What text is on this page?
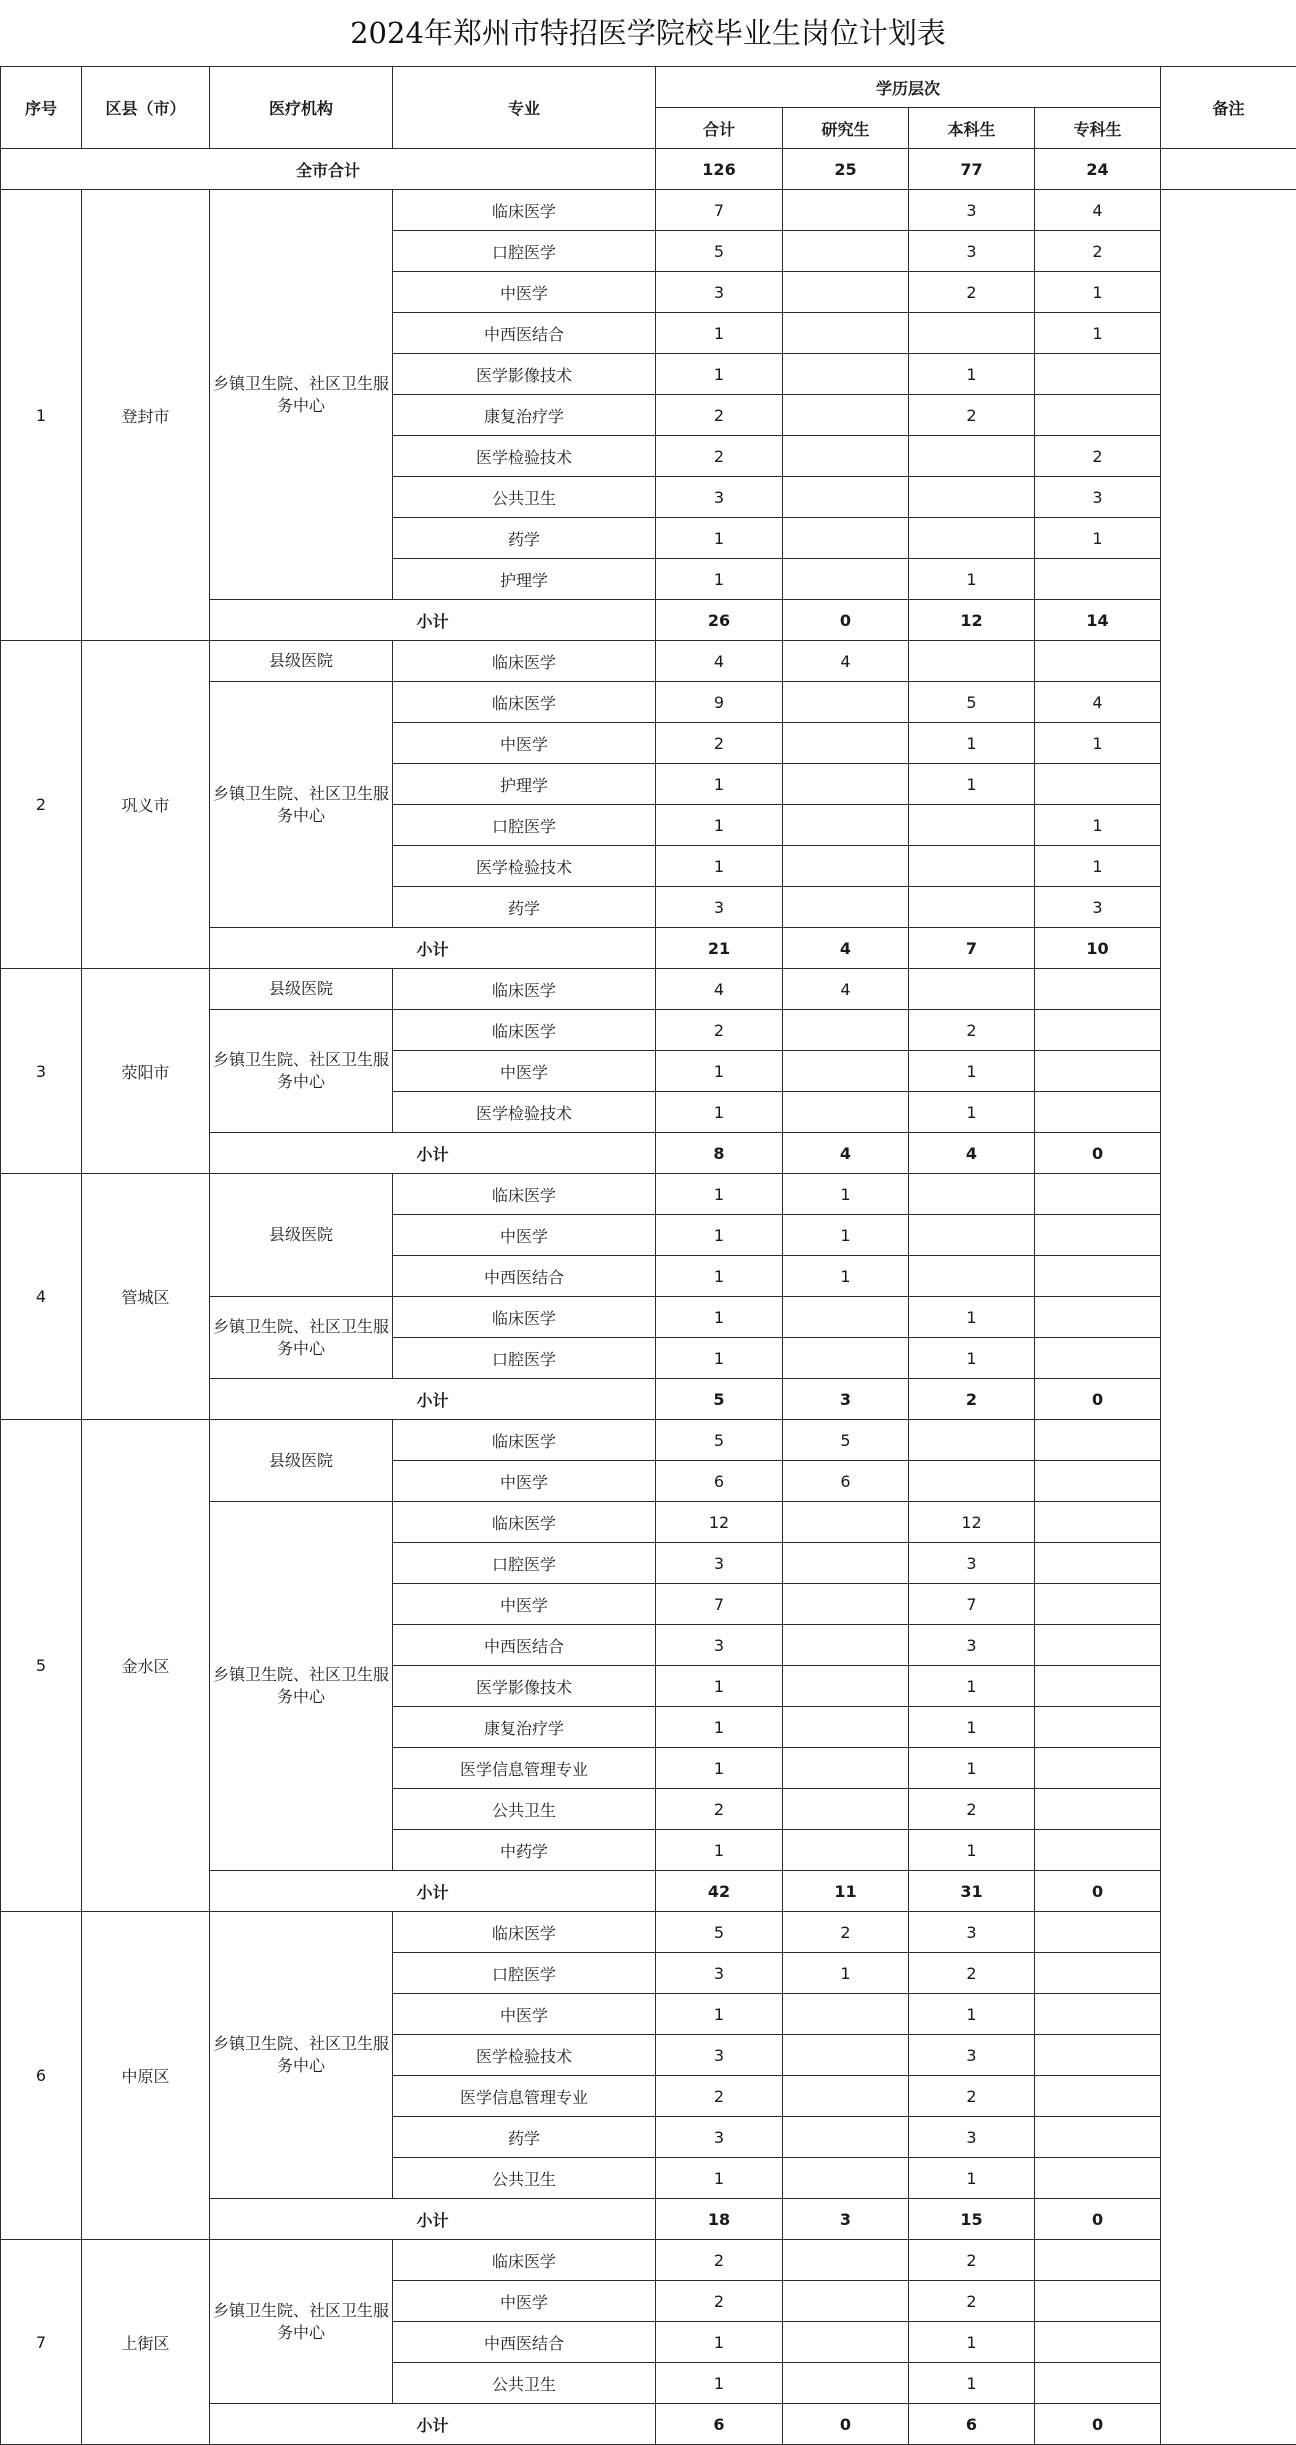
2024年郑州市特招医学院校毕业生岗位计划表
序号	区县（市）	医疗机构	专业	学历层次				备注
				合计	研究生	本科生	专科生	
全市合计				126	25	77	24	
1	登封市	乡镇卫生院、社区卫生服务中心	临床医学	7		3	4	
			口腔医学	5		3	2	
			中医学	3		2	1	
			中西医结合	1			1	
			医学影像技术	1		1		
			康复治疗学	2		2		
			医学检验技术	2			2	
			公共卫生	3			3	
			药学	1			1	
			护理学	1		1		
		小计		26	0	12	14	
2	巩义市	县级医院	临床医学	4	4			
		乡镇卫生院、社区卫生服务中心	临床医学	9		5	4	
			中医学	2		1	1	
			护理学	1		1		
			口腔医学	1			1	
			医学检验技术	1			1	
			药学	3			3	
		小计		21	4	7	10	
3	荥阳市	县级医院	临床医学	4	4			
		乡镇卫生院、社区卫生服务中心	临床医学	2		2		
			中医学	1		1		
			医学检验技术	1		1		
		小计		8	4	4	0	
4	管城区	县级医院	临床医学	1	1			
			中医学	1	1			
			中西医结合	1	1			
		乡镇卫生院、社区卫生服务中心	临床医学	1		1		
			口腔医学	1		1		
		小计		5	3	2	0	
5	金水区	县级医院	临床医学	5	5			
			中医学	6	6			
		乡镇卫生院、社区卫生服务中心	临床医学	12		12		
			口腔医学	3		3		
			中医学	7		7		
			中西医结合	3		3		
			医学影像技术	1		1		
			康复治疗学	1		1		
			医学信息管理专业	1		1		
			公共卫生	2		2		
			中药学	1		1		
		小计		42	11	31	0	
6	中原区	乡镇卫生院、社区卫生服务中心	临床医学	5	2	3		
			口腔医学	3	1	2		
			中医学	1		1		
			医学检验技术	3		3		
			医学信息管理专业	2		2		
			药学	3		3		
			公共卫生	1		1		
		小计		18	3	15	0	
7	上街区	乡镇卫生院、社区卫生服务中心	临床医学	2		2		
			中医学	2		2		
			中西医结合	1		1		
			公共卫生	1		1		
		小计		6	0	6	0	
